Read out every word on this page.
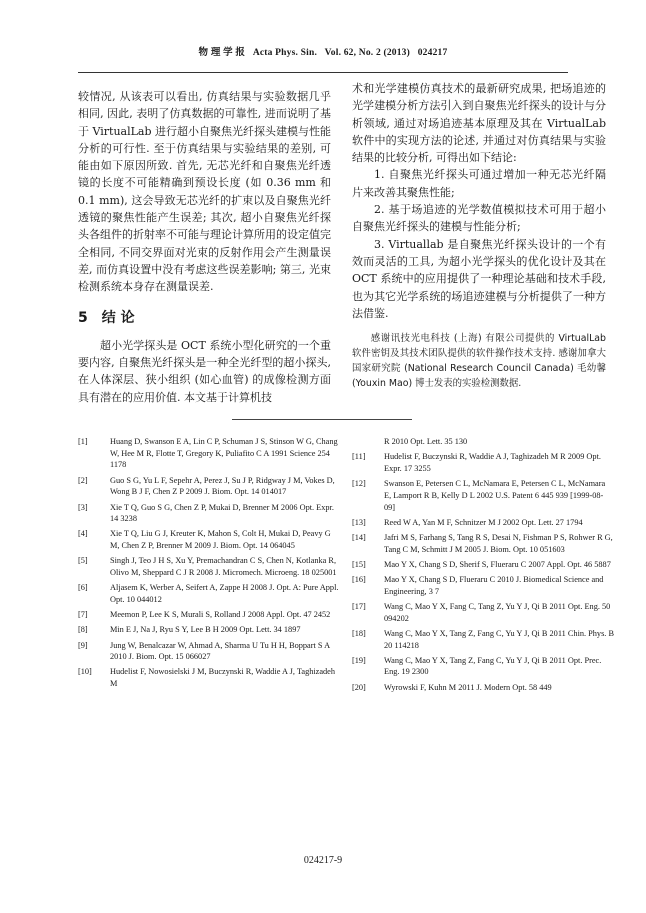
物 理 学 报 Acta Phys. Sin. Vol. 62, No. 2 (2013) 024217

较情况, 从该表可以看出, 仿真结果与实验数据几乎相同, 因此, 表明了仿真数据的可靠性, 进而说明了基于 VirtualLab 进行超小自聚焦光纤探头建模与性能分析的可行性. 至于仿真结果与实验结果的差别, 可能由如下原因所致. 首先, 无芯光纤和自聚焦光纤透镜的长度不可能精确到预设长度 (如 0.36 mm 和 0.1 mm), 这会导致无芯光纤的扩束以及自聚焦光纤透镜的聚焦性能产生误差; 其次, 超小自聚焦光纤探头各组件的折射率不可能与理论计算所用的设定值完全相同, 不同交界面对光束的反射作用会产生测量误差, 而仿真设置中没有考虑这些误差影响; 第三, 光束检测系统本身存在测量误差.

5 结 论

超小光学探头是 OCT 系统小型化研究的一个重要内容, 自聚焦光纤探头是一种全光纤型的超小探头, 在人体深层、狭小组织 (如心血管) 的成像检测方面具有潜在的应用价值. 本文基于计算机技

术和光学建模仿真技术的最新研究成果, 把场追迹的光学建模分析方法引入到自聚焦光纤探头的设计与分析领域, 通过对场追迹基本原理及其在 VirtualLab 软件中的实现方法的论述, 并通过对仿真结果与实验结果的比较分析, 可得出如下结论:

1. 自聚焦光纤探头可通过增加一种无芯光纤隔片来改善其聚焦性能;

2. 基于场追迹的光学数值模拟技术可用于超小自聚焦光纤探头的建模与性能分析;

3. Virtuallab 是自聚焦光纤探头设计的一个有效而灵活的工具, 为超小光学探头的优化设计及其在 OCT 系统中的应用提供了一种理论基础和技术手段, 也为其它光学系统的场追迹建模与分析提供了一种方法借鉴.

感谢讯技光电科技 (上海) 有限公司提供的 VirtualLab 软件密钥及其技术团队提供的软件操作技术支持. 感谢加拿大国家研究院 (National Research Council Canada) 毛幼馨 (Youxin Mao) 博士发表的实验检测数据.
[1]	Huang D, Swanson E A, Lin C P, Schuman J S, Stinson W G, Chang W, Hee M R, Flotte T, Gregory K, Puliafito C A 1991 Science 254 1178
[2]	Guo S G, Yu L F, Sepehr A, Perez J, Su J P, Ridgway J M, Vokes D, Wong B J F, Chen Z P 2009 J. Biom. Opt. 14 014017
[3]	Xie T Q, Guo S G, Chen Z P, Mukai D, Brenner M 2006 Opt. Expr. 14 3238
[4]	Xie T Q, Liu G J, Kreuter K, Mahon S, Colt H, Mukai D, Peavy G M, Chen Z P, Brenner M 2009 J. Biom. Opt. 14 064045
[5]	Singh J, Teo J H S, Xu Y, Premachandran C S, Chen N, Kotlanka R, Olivo M, Sheppard C J R 2008 J. Micromech. Microeng. 18 025001
[6]	Aljasem K, Werber A, Seifert A, Zappe H 2008 J. Opt. A: Pure Appl. Opt. 10 044012
[7]	Meemon P, Lee K S, Murali S, Rolland J 2008 Appl. Opt. 47 2452
[8]	Min E J, Na J, Ryu S Y, Lee B H 2009 Opt. Lett. 34 1897
[9]	Jung W, Benalcazar W, Ahmad A, Sharma U Tu H H, Boppart S A 2010 J. Biom. Opt. 15 066027
[10] Hudelist F, Nowosielski J M, Buczynski R, Waddie A J, Taghizadeh M
R 2010 Opt. Lett. 35 130
[11] Hudelist F, Buczynski R, Waddie A J, Taghizadeh M R 2009 Opt. Expr. 17 3255
[12] Swanson E, Petersen C L, McNamara E, Petersen C L, McNamara E, Lamport R B, Kelly D L 2002 U.S. Patent 6 445 939 [1999-08-09]
[13] Reed W A, Yan M F, Schnitzer M J 2002 Opt. Lett. 27 1794
[14] Jafri M S, Farhang S, Tang R S, Desai N, Fishman P S, Rohwer R G, Tang C M, Schmitt J M 2005 J. Biom. Opt. 10 051603
[15] Mao Y X, Chang S D, Sherif S, Flueraru C 2007 Appl. Opt. 46 5887
[16] Mao Y X, Chang S D, Flueraru C 2010 J. Biomedical Science and Engineering, 3 7
[17] Wang C, Mao Y X, Fang C, Tang Z, Yu Y J, Qi B 2011 Opt. Eng. 50 094202
[18] Wang C, Mao Y X, Tang Z, Fang C, Yu Y J, Qi B 2011 Chin. Phys. B 20 114218
[19] Wang C, Mao Y X, Tang Z, Fang C, Yu Y J, Qi B 2011 Opt. Prec. Eng. 19 2300
[20] Wyrowski F, Kuhn M 2011 J. Modern Opt. 58 449
024217-9
